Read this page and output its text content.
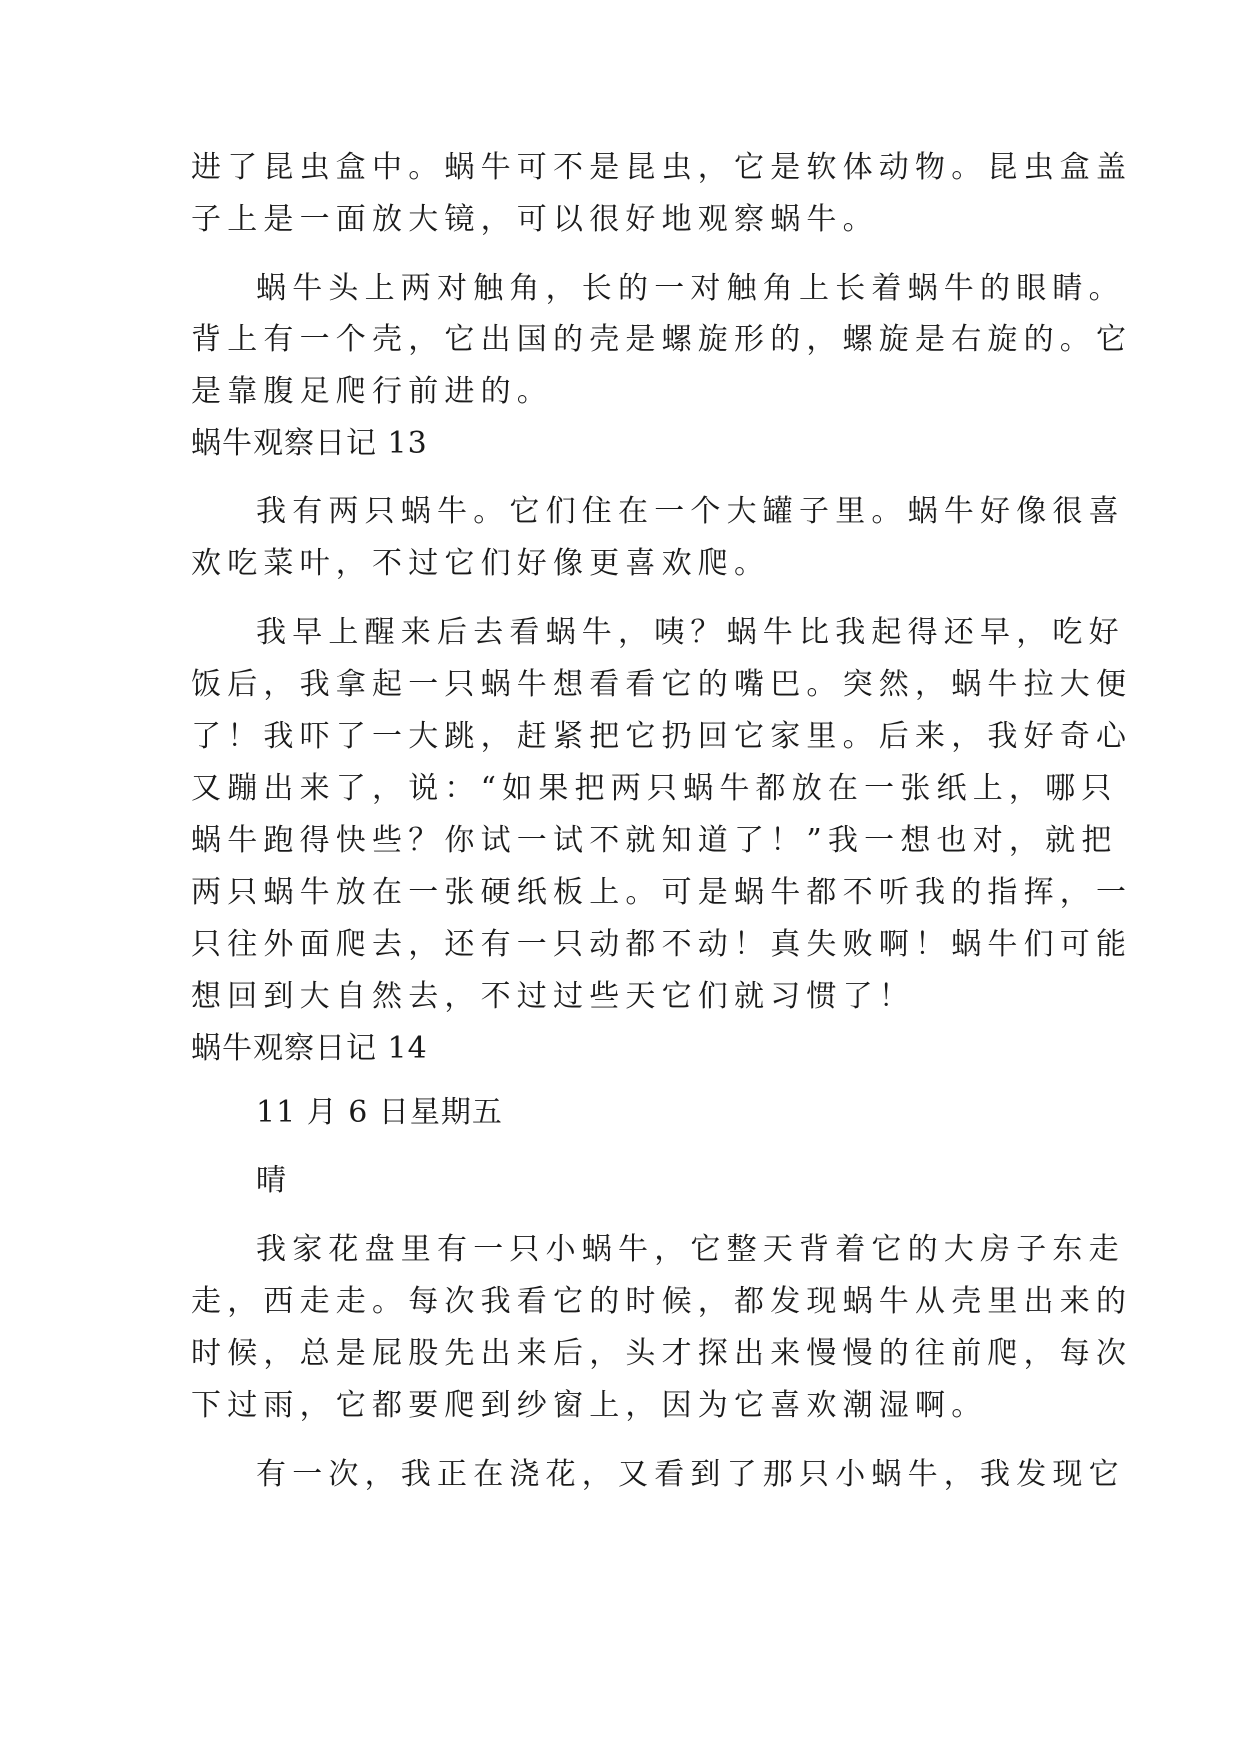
进了昆虫盒中。蜗牛可不是昆虫，它是软体动物。昆虫盒盖
子上是一面放大镜，可以很好地观察蜗牛。
蜗牛头上两对触角，长的一对触角上长着蜗牛的眼睛。
背上有一个壳，它出国的壳是螺旋形的，螺旋是右旋的。它
是靠腹足爬行前进的。
蜗牛观察日记 13
我有两只蜗牛。它们住在一个大罐子里。蜗牛好像很喜
欢吃菜叶，不过它们好像更喜欢爬。
我早上醒来后去看蜗牛，咦？蜗牛比我起得还早，吃好
饭后，我拿起一只蜗牛想看看它的嘴巴。突然，蜗牛拉大便
了！我吓了一大跳，赶紧把它扔回它家里。后来，我好奇心
又蹦出来了，说：“如果把两只蜗牛都放在一张纸上，哪只
蜗牛跑得快些？你试一试不就知道了！”我一想也对，就把
两只蜗牛放在一张硬纸板上。可是蜗牛都不听我的指挥，一
只往外面爬去，还有一只动都不动！真失败啊！蜗牛们可能
想回到大自然去，不过过些天它们就习惯了！
蜗牛观察日记 14
11 月 6 日星期五
晴
我家花盘里有一只小蜗牛，它整天背着它的大房子东走
走，西走走。每次我看它的时候，都发现蜗牛从壳里出来的
时候，总是屁股先出来后，头才探出来慢慢的往前爬，每次
下过雨，它都要爬到纱窗上，因为它喜欢潮湿啊。
有一次，我正在浇花，又看到了那只小蜗牛，我发现它
